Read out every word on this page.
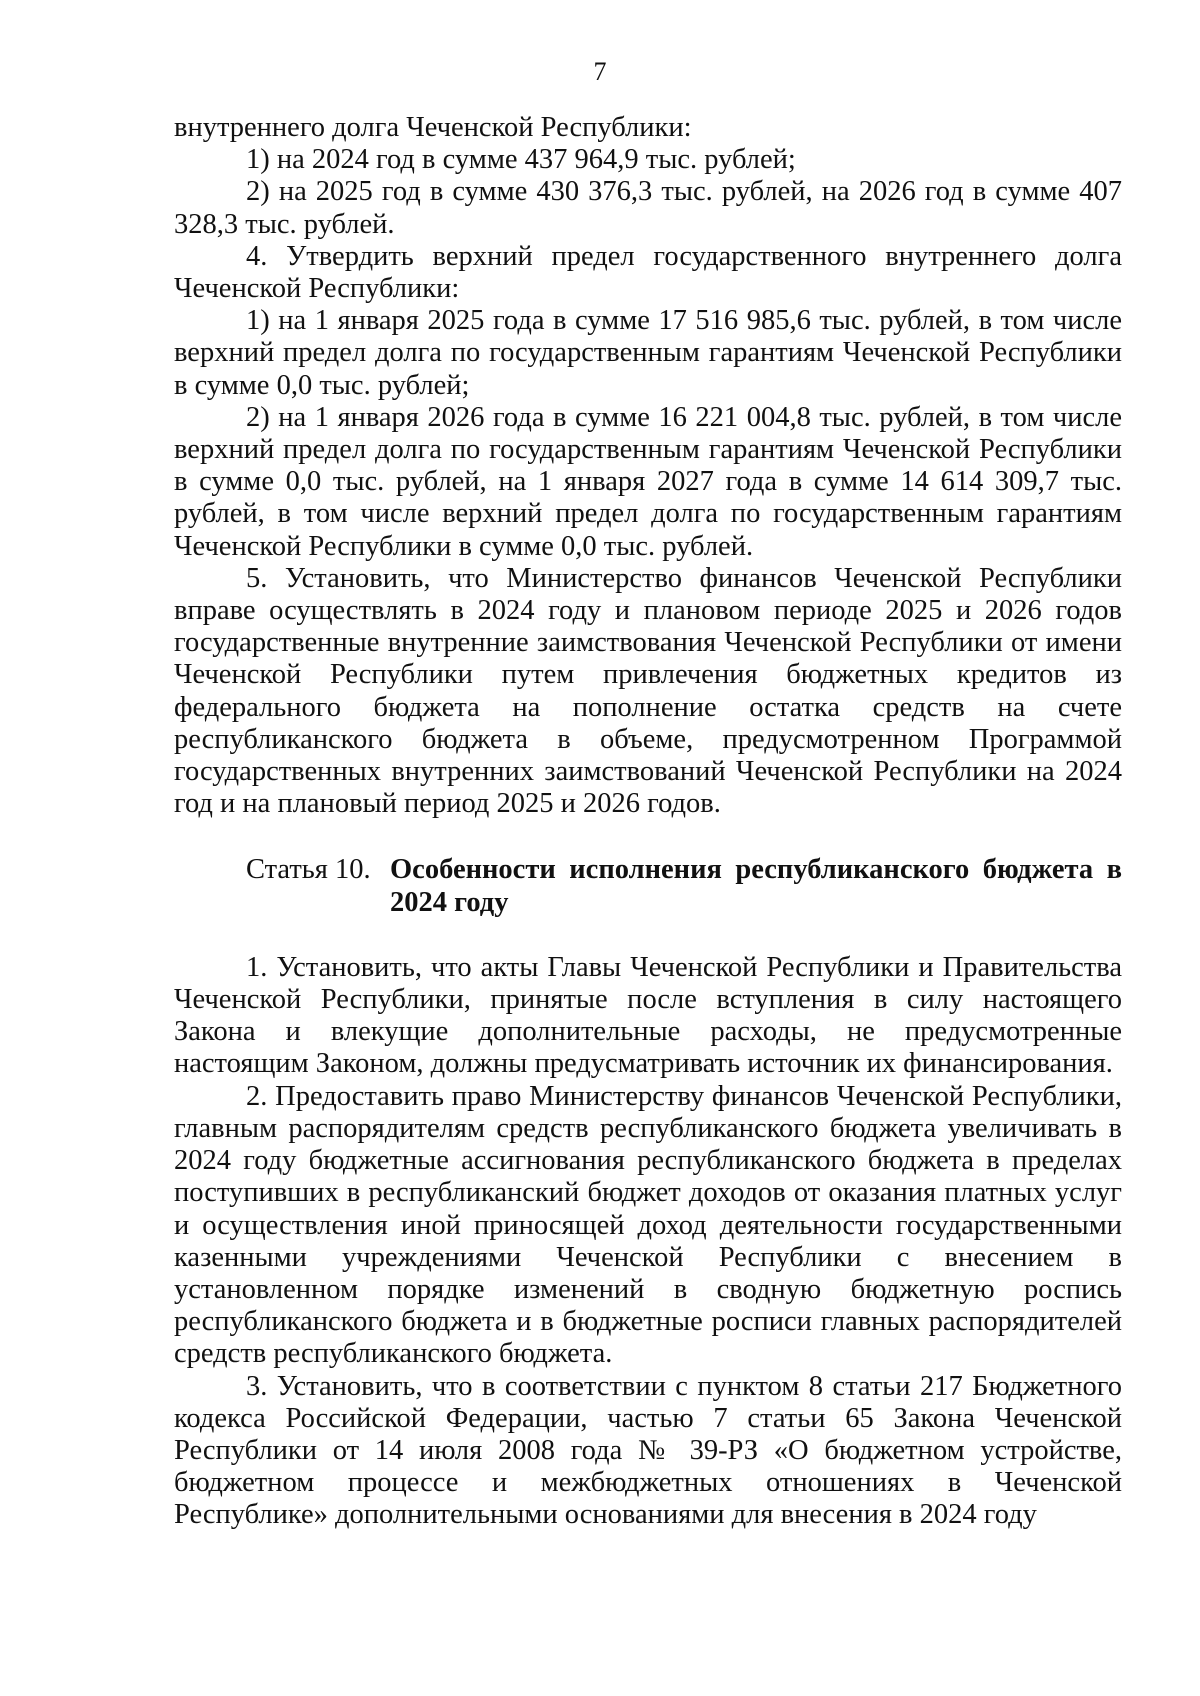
7

внутреннего долга Чеченской Республики:

1) на 2024 год в сумме 437 964,9 тыс. рублей;

2) на 2025 год в сумме 430 376,3 тыс. рублей, на 2026 год в сумме 407 328,3 тыс. рублей.

4. Утвердить верхний предел государственного внутреннего долга Чеченской Республики:

1) на 1 января 2025 года в сумме 17 516 985,6 тыс. рублей, в том числе верхний предел долга по государственным гарантиям Чеченской Республики в сумме 0,0 тыс. рублей;

2) на 1 января 2026 года в сумме 16 221 004,8 тыс. рублей, в том числе верхний предел долга по государственным гарантиям Чеченской Республики в сумме 0,0 тыс. рублей, на 1 января 2027 года в сумме 14 614 309,7 тыс. рублей, в том числе верхний предел долга по государственным гарантиям Чеченской Республики в сумме 0,0 тыс. рублей.

5. Установить, что Министерство финансов Чеченской Республики вправе осуществлять в 2024 году и плановом периоде 2025 и 2026 годов государственные внутренние заимствования Чеченской Республики от имени Чеченской Республики путем привлечения бюджетных кредитов из федерального бюджета на пополнение остатка средств на счете республиканского бюджета в объеме, предусмотренном Программой государственных внутренних заимствований Чеченской Республики на 2024 год и на плановый период 2025 и 2026 годов.

Статья 10. Особенности исполнения республиканского бюджета в 2024 году

1. Установить, что акты Главы Чеченской Республики и Правительства Чеченской Республики, принятые после вступления в силу настоящего Закона и влекущие дополнительные расходы, не предусмотренные настоящим Законом, должны предусматривать источник их финансирования.

2. Предоставить право Министерству финансов Чеченской Республики, главным распорядителям средств республиканского бюджета увеличивать в 2024 году бюджетные ассигнования республиканского бюджета в пределах поступивших в республиканский бюджет доходов от оказания платных услуг и осуществления иной приносящей доход деятельности государственными казенными учреждениями Чеченской Республики с внесением в установленном порядке изменений в сводную бюджетную роспись республиканского бюджета и в бюджетные росписи главных распорядителей средств республиканского бюджета.

3. Установить, что в соответствии с пунктом 8 статьи 217 Бюджетного кодекса Российской Федерации, частью 7 статьи 65 Закона Чеченской Республики от 14 июля 2008 года № 39-РЗ «О бюджетном устройстве, бюджетном процессе и межбюджетных отношениях в Чеченской Республике» дополнительными основаниями для внесения в 2024 году
